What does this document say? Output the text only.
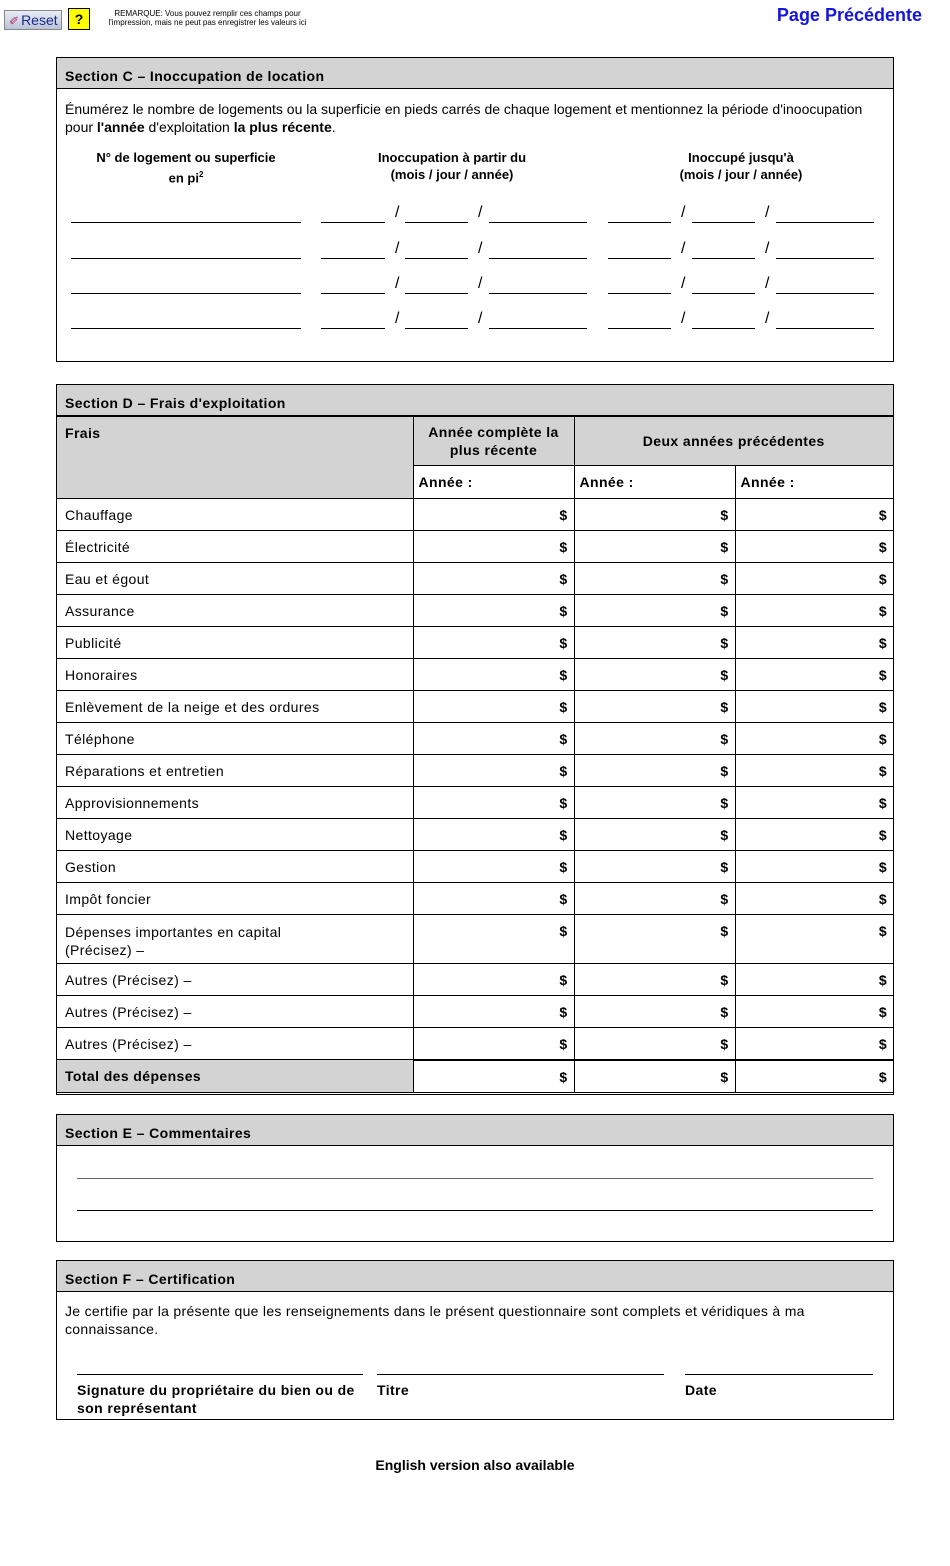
✐ Reset	?	REMARQUE: Vous pouvez remplir ces champs pour l'impression, mais ne peut pas enregistrer les valeurs ici	Page Précédente
Section C – Inoccupation de location
Énumérez le nombre de logements ou la superficie en pieds carrés de chaque logement et mentionnez la période d'inoocupation pour l'année d'exploitation la plus récente.
N° de logement ou superficie
en $pi^2$
Inoccupation à partir du
(mois / jour / année)
Inoccupé jusqu'à
(mois / jour / année)
/	/	/	/
/	/	/	/
/	/	/	/
/	/	/	/
Section D – Frais d'exploitation
Frais	Année complète la plus récente	Deux années précédentes	
	Année :	Année :	Année :
Chauffage	$	$	$
Électricité	$	$	$
Eau et égout	$	$	$
Assurance	$	$	$
Publicité	$	$	$
Honoraires	$	$	$
Enlèvement de la neige et des ordures	$	$	$
Téléphone	$	$	$
Réparations et entretien	$	$	$
Approvisionnements	$	$	$
Nettoyage	$	$	$
Gestion	$	$	$
Impôt foncier	$	$	$

Dépenses importantes en capital
(Précisez) –	$	$	$
Autres (Précisez) –	$	$	$
Autres (Précisez) –	$	$	$
Autres (Précisez) –	$	$	$
Total des dépenses	$	$	$
Section E – Commentaires
Section F – Certification
Je certifie par la présente que les renseignements dans le présent questionnaire sont complets et véridiques à ma connaissance.
Signature du propriétaire du bien ou de
son représentant
Titre	Date
English version also available
